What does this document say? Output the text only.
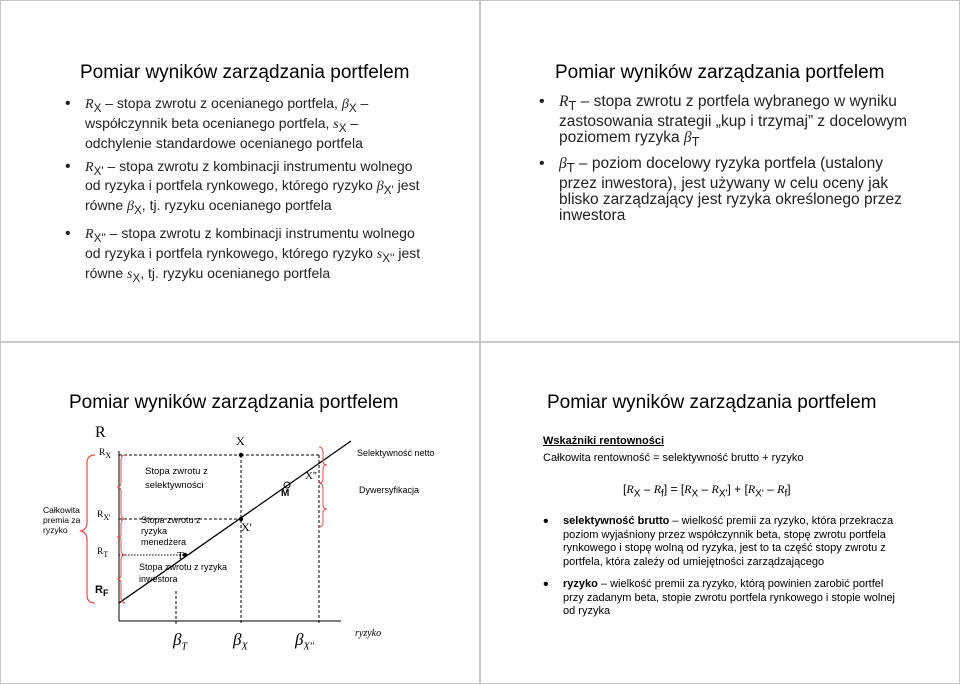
Pomiar wyników zarządzania portfelem
• $R_X$ – stopa zwrotu z ocenianego portfela, $\beta_X$ – współczynnik beta ocenianego portfela, $s_X$ – odchylenie standardowe ocenianego portfela
• $R_{X'}$ – stopa zwrotu z kombinacji instrumentu wolnego od ryzyka i portfela rynkowego, którego ryzyko $\beta_{X'}$ jest równe $\beta_X$, tj. ryzyku ocenianego portfela
• $R_{X''}$ – stopa zwrotu z kombinacji instrumentu wolnego od ryzyka i portfela rynkowego, którego ryzyko $s_{X''}$ jest równe $s_X$, tj. ryzyku ocenianego portfela
Pomiar wyników zarządzania portfelem
• $R_T$ – stopa zwrotu z portfela wybranego w wyniku zastosowania strategii „kup i trzymaj” z docelowym poziomem ryzyka $\beta_T$
• $\beta_T$ – poziom docelowy ryzyka portfela (ustalony przez inwestora), jest używany w celu oceny jak blisko zarządzający jest ryzyka określonego przez inwestora
Pomiar wyników zarządzania portfelem
R
$R_X$
$R_{X'}$
$R_T$
$R_F$
X
X'
X''
M
T
Całkowita premia za ryzyko
Stopa zwrotu z selektywności
Stopa zwrotu z ryzyka menedżera
Stopa zwrotu z ryzyka inwestora
Selektywność netto
Dywersyfikacja
$\beta_T$	$\beta_X$	$\beta_{X''}$
ryzyko
Pomiar wyników zarządzania portfelem
Wskaźniki rentowności
Całkowita rentowność = selektywność brutto + ryzyko
$[R_X - R_f] = [R_X - R_{X'}] + [R_{X'} - R_f]$
• selektywność brutto – wielkość premii za ryzyko, która przekracza poziom wyjaśniony przez współczynnik beta, stopę zwrotu portfela rynkowego i stopę wolną od ryzyka, jest to ta część stopy zwrotu z portfela, która zależy od umiejętności zarządzającego
• ryzyko – wielkość premii za ryzyko, którą powinien zarobić portfel przy zadanym beta, stopie zwrotu portfela rynkowego i stopie wolnej od ryzyka
